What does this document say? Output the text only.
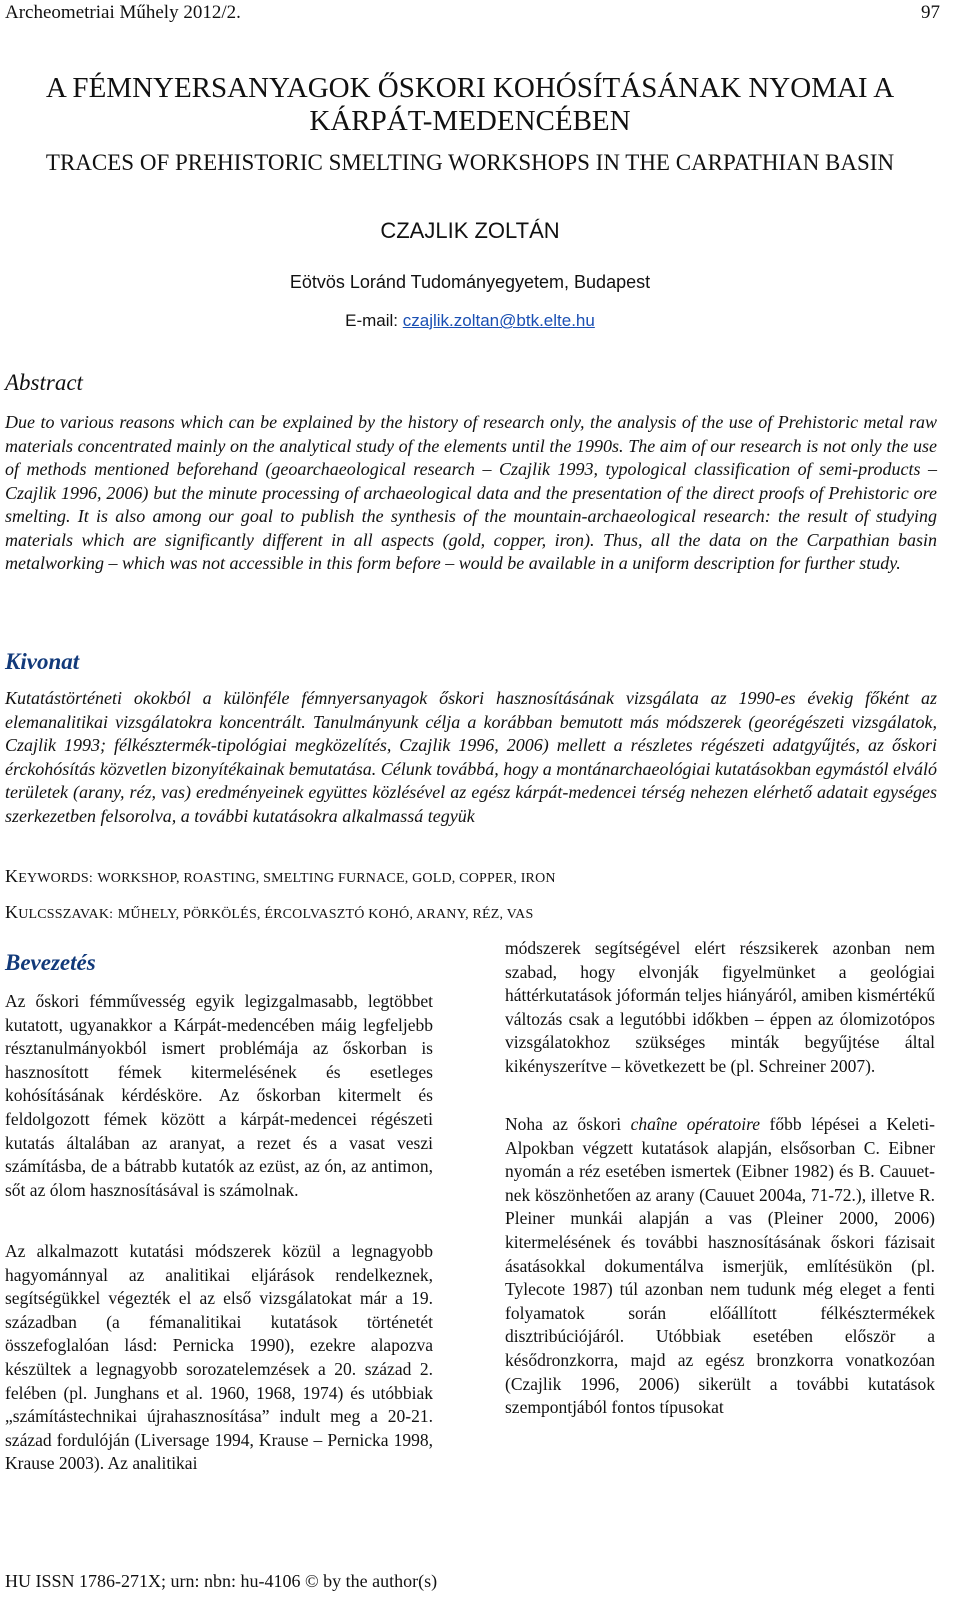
Archeometriai Műhely 2012/2.	97
A FÉMNYERSANYAGOK ŐSKORI KOHÓSÍTÁSÁNAK NYOMAI A KÁRPÁT-MEDENCÉBEN
TRACES OF PREHISTORIC SMELTING WORKSHOPS IN THE CARPATHIAN BASIN
CZAJLIK ZOLTÁN
Eötvös Loránd Tudományegyetem, Budapest
E-mail: czajlik.zoltan@btk.elte.hu
Abstract
Due to various reasons which can be explained by the history of research only, the analysis of the use of Prehistoric metal raw materials concentrated mainly on the analytical study of the elements until the 1990s. The aim of our research is not only the use of methods mentioned beforehand (geoarchaeological research – Czajlik 1993, typological classification of semi-products – Czajlik 1996, 2006) but the minute processing of archaeological data and the presentation of the direct proofs of Prehistoric ore smelting. It is also among our goal to publish the synthesis of the mountain-archaeological research: the result of studying materials which are significantly different in all aspects (gold, copper, iron). Thus, all the data on the Carpathian basin metalworking – which was not accessible in this form before – would be available in a uniform description for further study.
Kivonat
Kutatástörténeti okokból a különféle fémnyersanyagok őskori hasznosításának vizsgálata az 1990-es évekig főként az elemanalitikai vizsgálatokra koncentrált. Tanulmányunk célja a korábban bemutott más módszerek (georégészeti vizsgálatok, Czajlik 1993; félkésztermék-tipológiai megközelítés, Czajlik 1996, 2006) mellett a részletes régészeti adatgyűjtés, az őskori érckohósítás közvetlen bizonyítékainak bemutatása. Célunk továbbá, hogy a montánarchaeológiai kutatásokban egymástól elváló területek (arany, réz, vas) eredményeinek együttes közlésével az egész kárpát-medencei térség nehezen elérhető adatait egységes szerkezetben felsorolva, a további kutatásokra alkalmassá tegyük
KEYWORDS: WORKSHOP, ROASTING, SMELTING FURNACE, GOLD, COPPER, IRON
KULCSSZAVAK: MŰHELY, PÖRKÖLÉS, ÉRCOLVASZTÓ KOHÓ, ARANY, RÉZ, VAS
Bevezetés
Az őskori fémművesség egyik legizgalmasabb, legtöbbet kutatott, ugyanakkor a Kárpát-medencében máig legfeljebb résztanulmányokból ismert problémája az őskorban is hasznosított fémek kitermelésének és esetleges kohósításának kérdésköre. Az őskorban kitermelt és feldolgozott fémek között a kárpát-medencei régészeti kutatás általában az aranyat, a rezet és a vasat veszi számításba, de a bátrabb kutatók az ezüst, az ón, az antimon, sőt az ólom hasznosításával is számolnak.
Az alkalmazott kutatási módszerek közül a legnagyobb hagyománnyal az analitikai eljárások rendelkeznek, segítségükkel végezték el az első vizsgálatokat már a 19. században (a fémanalitikai kutatások történetét összefoglalóan lásd: Pernicka 1990), ezekre alapozva készültek a legnagyobb sorozatelemzések a 20. század 2. felében (pl. Junghans et al. 1960, 1968, 1974) és utóbbiak „számítástechnikai újrahasznosítása” indult meg a 20-21. század fordulóján (Liversage 1994, Krause – Pernicka 1998, Krause 2003). Az analitikai
módszerek segítségével elért részsikerek azonban nem szabad, hogy elvonják figyelmünket a geológiai háttérkutatások jóformán teljes hiányáról, amiben kismértékű változás csak a legutóbbi időkben – éppen az ólomizotópos vizsgálatokhoz szükséges minták begyűjtése által kikényszerítve – következett be (pl. Schreiner 2007).
Noha az őskori chaîne opératoire főbb lépései a Keleti-Alpokban végzett kutatások alapján, elsősorban C. Eibner nyomán a réz esetében ismertek (Eibner 1982) és B. Cauuet-nek köszönhetően az arany (Cauuet 2004a, 71-72.), illetve R. Pleiner munkái alapján a vas (Pleiner 2000, 2006) kitermelésének és további hasznosításának őskori fázisait ásatásokkal dokumentálva ismerjük, említésükön (pl. Tylecote 1987) túl azonban nem tudunk még eleget a fenti folyamatok során előállított félkésztermékek disztribúciójáról. Utóbbiak esetében először a késődronzkorra, majd az egész bronzkorra vonatkozóan (Czajlik 1996, 2006) sikerült a további kutatások szempontjából fontos típusokat
HU ISSN 1786-271X; urn: nbn: hu-4106 © by the author(s)
